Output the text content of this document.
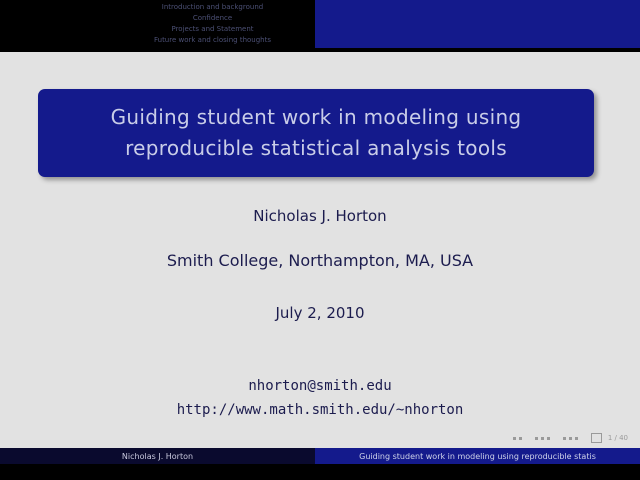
Introduction and background
Confidence
Projects and Statement
Future work and closing thoughts
Guiding student work in modeling using
reproducible statistical analysis tools
Nicholas J. Horton
Smith College, Northampton, MA, USA
July 2, 2010
nhorton@smith.edu
http://www.math.smith.edu/~nhorton
1 / 40
Nicholas J. Horton	Guiding student work in modeling using reproducible statis
